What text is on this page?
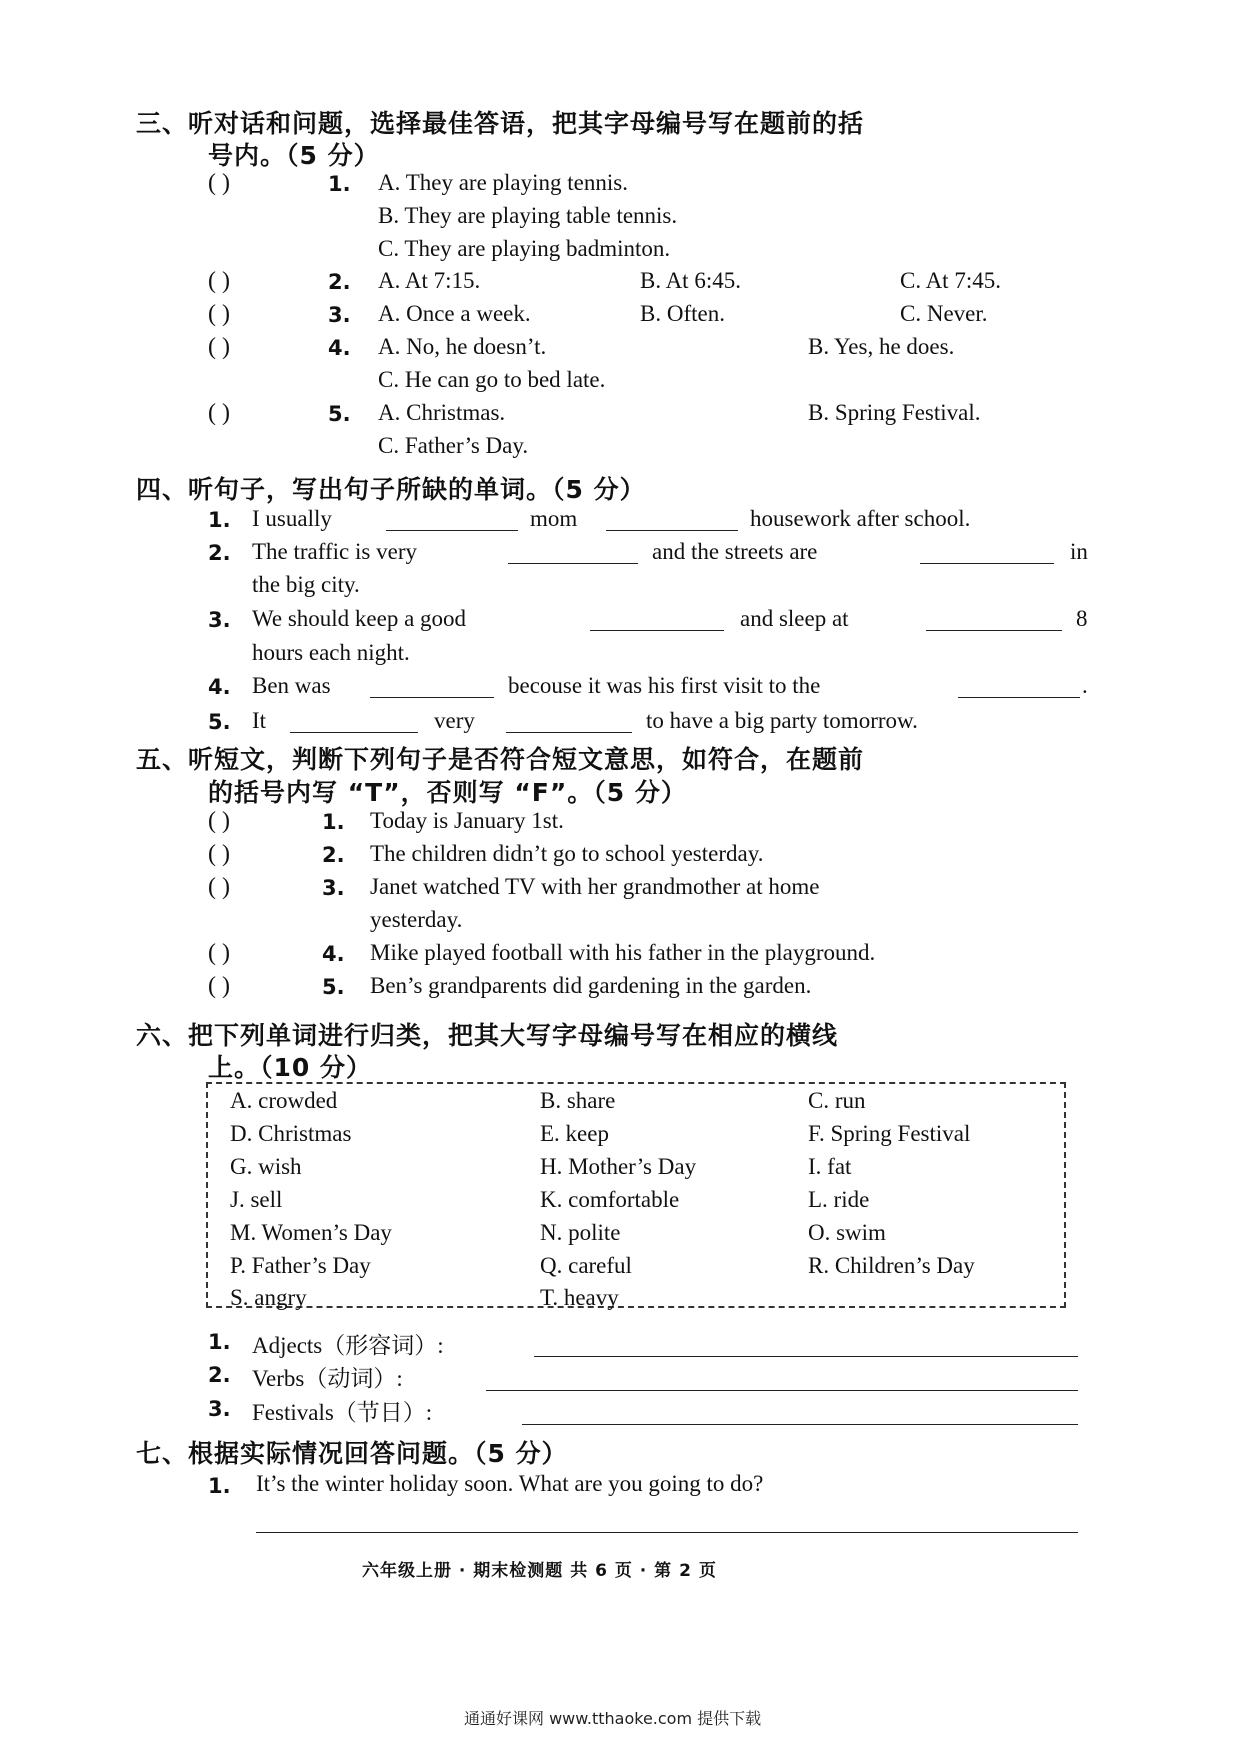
三、听对话和问题，选择最佳答语，把其字母编号写在题前的括
号内。（5 分）
( )	1. A. They are playing tennis.
B. They are playing table tennis.
C. They are playing badminton.
( )	2. A. At 7:15.	B. At 6:45.	C. At 7:45.
( )	3. A. Once a week.	B. Often.	C. Never.
( )	4. A. No, he doesn’t.	B. Yes, he does.
C. He can go to bed late.
( )	5. A. Christmas.	B. Spring Festival.
C. Father’s Day.
四、听句子，写出句子所缺的单词。（5 分）
1. I usually	mom	housework after school.
2. The traffic is very	and the streets are	in
the big city.
3. We should keep a good	and sleep at	8
hours each night.
4. Ben was	becouse it was his first visit to the	.
5. It	very	to have a big party tomorrow.
五、听短文，判断下列句子是否符合短文意思，如符合，在题前
的括号内写 “T”，否则写 “F”。（5 分）
( )	1. Today is January 1st.
( )	2. The children didn’t go to school yesterday.
( )	3. Janet watched TV with her grandmother at home
yesterday.
( )	4. Mike played football with his father in the playground.
( )	5. Ben’s grandparents did gardening in the garden.
六、把下列单词进行归类，把其大写字母编号写在相应的横线
上。（10 分）
A. crowded	B. share	C. run
D. Christmas	E. keep	F. Spring Festival
G. wish	H. Mother’s Day	I. fat
J. sell	K. comfortable	L. ride
M. Women’s Day	N. polite	O. swim
P. Father’s Day	Q. careful	R. Children’s Day
S. angry	T. heavy
1. Adjects（形容词）:
2. Verbs（动词）:
3. Festivals（节日）:
七、根据实际情况回答问题。（5 分）
1. It’s the winter holiday soon. What are you going to do?
六年级上册 · 期末检测题 共 6 页 · 第 2 页
通通好课网 www.tthaoke.com 提供下载
